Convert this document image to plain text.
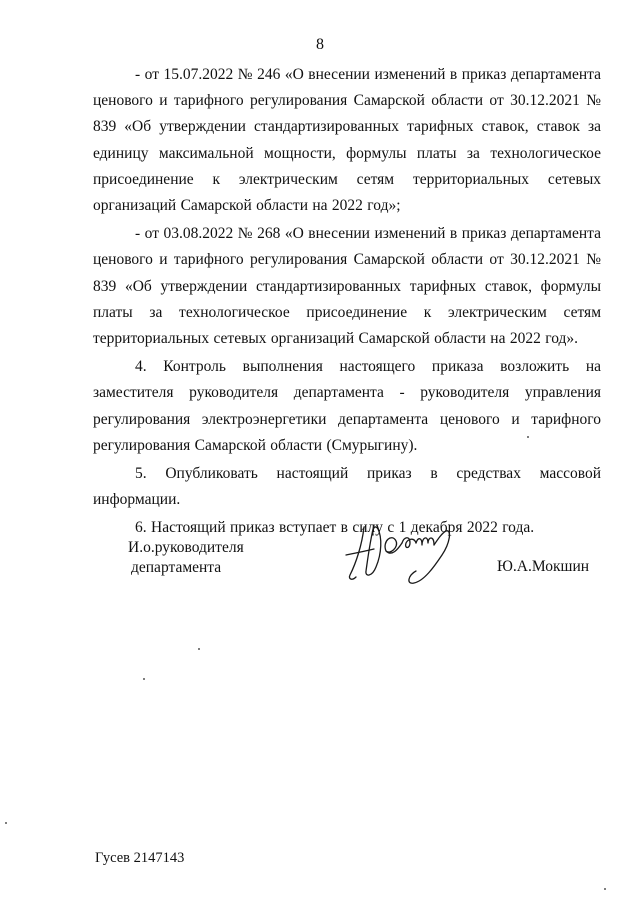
8

- от 15.07.2022 № 246 «О внесении изменений в приказ департамента ценового и тарифного регулирования Самарской области от 30.12.2021 № 839 «Об утверждении стандартизированных тарифных ставок, ставок за единицу максимальной мощности, формулы платы за технологическое присоединение к электрическим сетям территориальных сетевых организаций Самарской области на 2022 год»;

- от 03.08.2022 № 268 «О внесении изменений в приказ департамента ценового и тарифного регулирования Самарской области от 30.12.2021 № 839 «Об утверждении стандартизированных тарифных ставок, формулы платы за технологическое присоединение к электрическим сетям территориальных сетевых организаций Самарской области на 2022 год».

4. Контроль выполнения настоящего приказа возложить на заместителя руководителя департамента - руководителя управления регулирования электроэнергетики департамента ценового и тарифного регулирования Самарской области (Смурыгину).

5. Опубликовать настоящий приказ в средствах массовой информации.

6. Настоящий приказ вступает в силу с 1 декабря 2022 года.

И.о.руководителя
департамента	Ю.А.Мокшин
Гусев 2147143
